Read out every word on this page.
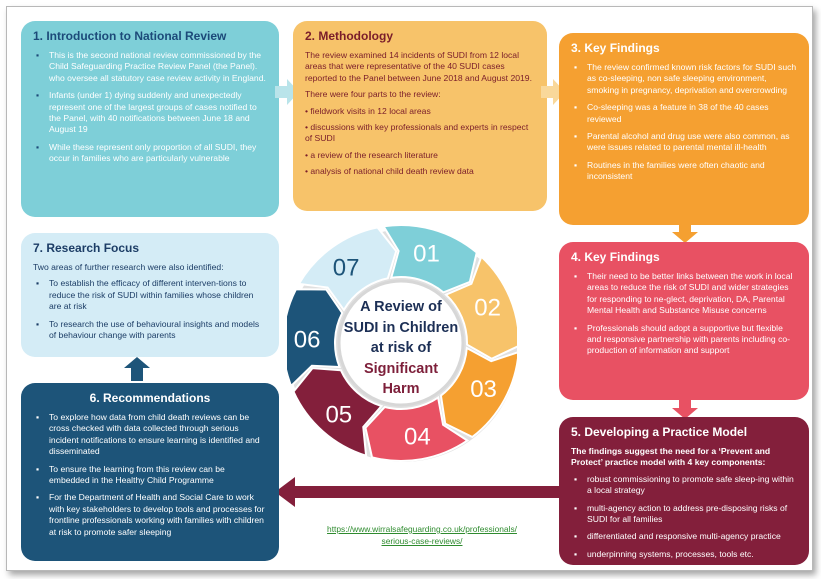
1. Introduction to National Review
▪ This is the second national review commissioned by the Child Safeguarding Practice Review Panel (the Panel). who oversee all statutory case review activity in England.
▪ Infants (under 1) dying suddenly and unexpectedly represent one of the largest groups of cases notified to the Panel, with 40 notifications between June 18 and August 19
▪ While these represent only proportion of all SUDI, they occur in families who are particularly vulnerable
2. Methodology

The review examined 14 incidents of SUDI from 12 local areas that were representative of the 40 SUDI cases reported to the Panel between June 2018 and August 2019.

There were four parts to the review:

• fieldwork visits in 12 local areas
• discussions with key professionals and experts in respect of SUDI
• a review of the research literature
• analysis of national child death review data
3. Key Findings
▪ The review confirmed known risk factors for SUDI such as co-sleeping, non safe sleeping environment, smoking in pregnancy, deprivation and overcrowding
▪ Co-sleeping was a feature in 38 of the 40 cases reviewed
▪ Parental alcohol and drug use were also common, as were issues related to parental mental ill-health
▪ Routines in the families were often chaotic and inconsistent
4. Key Findings
▪ Their need to be better links between the work in local areas to reduce the risk of SUDI and wider strategies for responding to ne-glect, deprivation, DA, Parental Mental Health and Substance Misuse concerns
▪ Professionals should adopt a supportive but flexible and responsive partnership with parents including co-production of information and support
5. Developing a Practice Model

The findings suggest the need for a ‘Prevent and Protect’ practice model with 4 key components:

▪ robust commissioning to promote safe sleep-ing within a local strategy
▪ multi-agency action to address pre-disposing risks of SUDI for all families
▪ differentiated and responsive multi-agency practice
▪ underpinning systems, processes, tools etc.
6. Recommendations
▪ To explore how data from child death reviews can be cross checked with data collected through serious incident notifications to ensure learning is identified and disseminated
▪ To ensure the learning from this review can be embedded in the Healthy Child Programme
▪ For the Department of Health and Social Care to work with key stakeholders to develop tools and processes for frontline professionals working with families with children at risk to promote safer sleeping
7. Research Focus

Two areas of further research were also identified:

▪ To establish the efficacy of different interven-tions to reduce the risk of SUDI within families whose children are at risk
▪ To research the use of behavioural insights and models of behaviour change with parents
01
02
03
04
05
06
07
A Review of
SUDI in Children
at risk of
Significant
Harm
https://www.wirralsafeguarding.co.uk/professionals/
serious-case-reviews/
